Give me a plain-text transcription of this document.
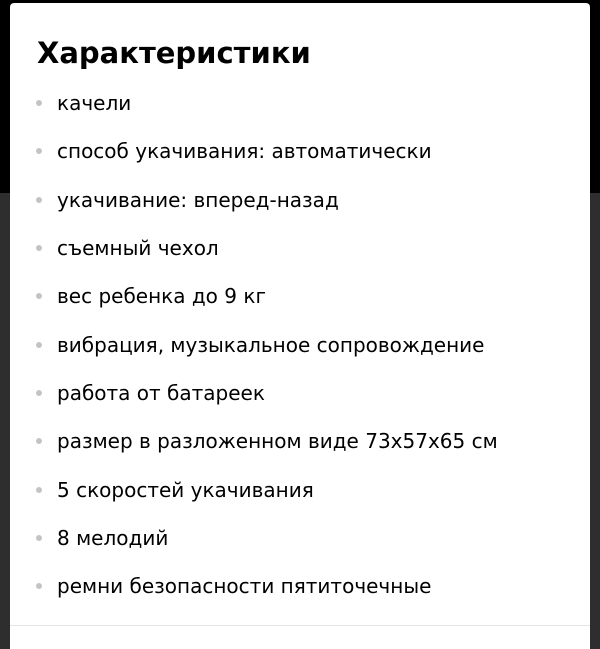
Характеристики
качели
способ укачивания: автоматически
укачивание: вперед-назад
съемный чехол
вес ребенка до 9 кг
вибрация, музыкальное сопровождение
работа от батареек
размер в разложенном виде 73x57x65 см
5 скоростей укачивания
8 мелодий
ремни безопасности пятиточечные
